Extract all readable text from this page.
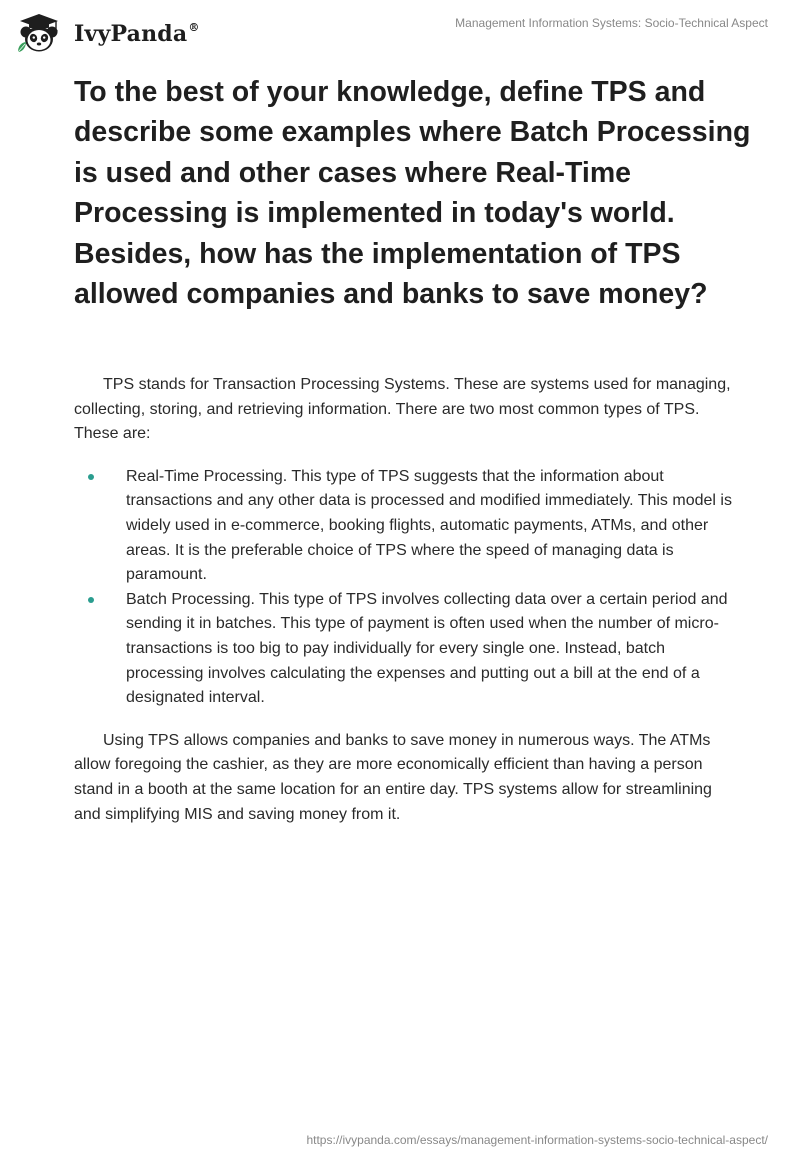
IvyPanda®	Management Information Systems: Socio-Technical Aspect
To the best of your knowledge, define TPS and describe some examples where Batch Processing is used and other cases where Real-Time Processing is implemented in today's world. Besides, how has the implementation of TPS allowed companies and banks to save money?

TPS stands for Transaction Processing Systems. These are systems used for managing, collecting, storing, and retrieving information. There are two most common types of TPS. These are:

Real-Time Processing. This type of TPS suggests that the information about transactions and any other data is processed and modified immediately. This model is widely used in e-commerce, booking flights, automatic payments, ATMs, and other areas. It is the preferable choice of TPS where the speed of managing data is paramount.
Batch Processing. This type of TPS involves collecting data over a certain period and sending it in batches. This type of payment is often used when the number of micro-transactions is too big to pay individually for every single one. Instead, batch processing involves calculating the expenses and putting out a bill at the end of a designated interval.

Using TPS allows companies and banks to save money in numerous ways. The ATMs allow foregoing the cashier, as they are more economically efficient than having a person stand in a booth at the same location for an entire day. TPS systems allow for streamlining and simplifying MIS and saving money from it.

https://ivypanda.com/essays/management-information-systems-socio-technical-aspect/
